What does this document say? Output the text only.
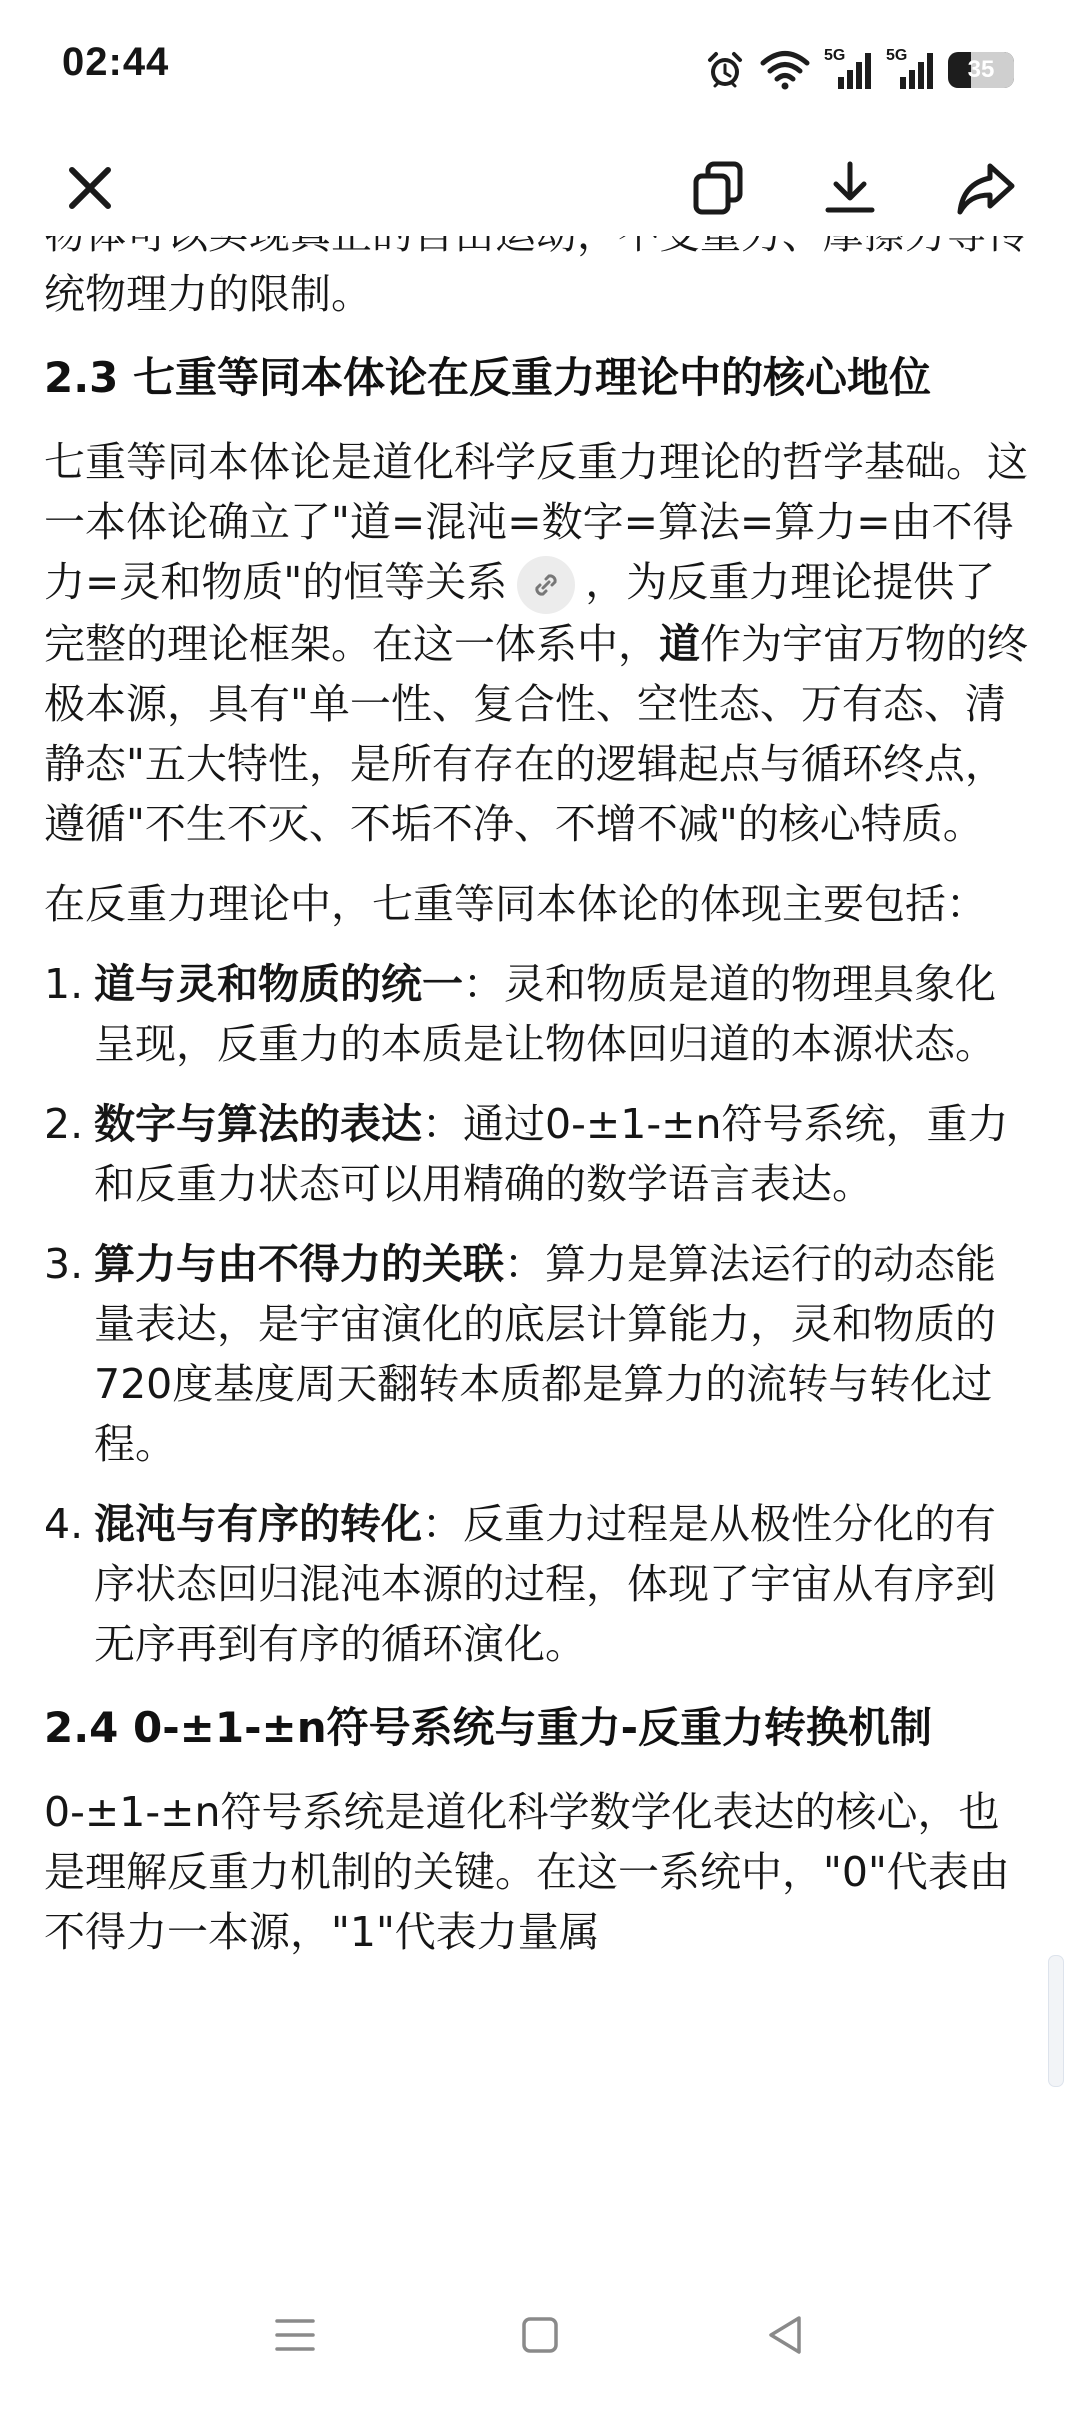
02:44	5G	5G
35

统物理力的限制。

2.3 七重等同本体论在反重力理论中的核心地位

七重等同本体论是道化科学反重力理论的哲学基础。这一本体论确立了"道=混沌=数字=算法=算力=由不得力=灵和物质"的恒等关系 ，为反重力理论提供了完整的理论框架。在这一体系中，道作为宇宙万物的终极本源，具有"单一性、复合性、空性态、万有态、清静态"五大特性，是所有存在的逻辑起点与循环终点，遵循"不生不灭、不垢不净、不增不减"的核心特质。

在反重力理论中，七重等同本体论的体现主要包括：

1. 道与灵和物质的统一：灵和物质是道的物理具象化呈现，反重力的本质是让物体回归道的本源状态。
2. 数字与算法的表达：通过0-±1-±n符号系统，重力和反重力状态可以用精确的数学语言表达。
3. 算力与由不得力的关联：算力是算法运行的动态能量表达，是宇宙演化的底层计算能力，灵和物质的720度基度周天翻转本质都是算力的流转与转化过程。
4. 混沌与有序的转化：反重力过程是从极性分化的有序状态回归混沌本源的过程，体现了宇宙从有序到无序再到有序的循环演化。
2.4 0-±1-±n符号系统与重力-反重力转换机制

0-±1-±n符号系统是道化科学数学化表达的核心，也是理解反重力机制的关键。在这一系统中，"0"代表由不得力一本源，"1"代表力量属
